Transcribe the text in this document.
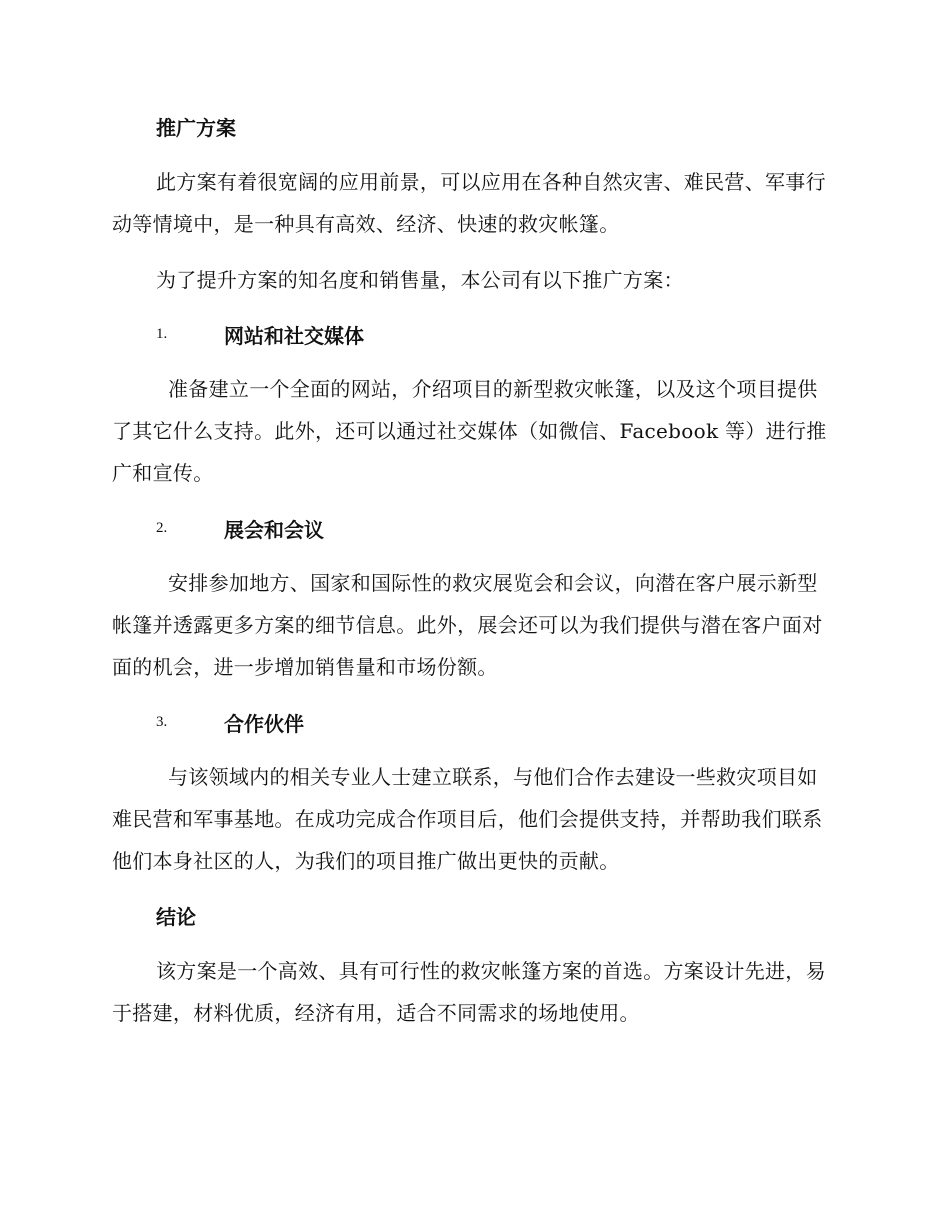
推广方案

此方案有着很宽阔的应用前景，可以应用在各种自然灾害、难民营、军事行动等情境中，是一种具有高效、经济、快速的救灾帐篷。

为了提升方案的知名度和销售量，本公司有以下推广方案：

1.	网站和社交媒体

准备建立一个全面的网站，介绍项目的新型救灾帐篷，以及这个项目提供了其它什么支持。此外，还可以通过社交媒体（如微信、Facebook 等）进行推广和宣传。

2.	展会和会议

安排参加地方、国家和国际性的救灾展览会和会议，向潜在客户展示新型帐篷并透露更多方案的细节信息。此外，展会还可以为我们提供与潜在客户面对面的机会，进一步增加销售量和市场份额。

3.	合作伙伴

与该领域内的相关专业人士建立联系，与他们合作去建设一些救灾项目如难民营和军事基地。在成功完成合作项目后，他们会提供支持，并帮助我们联系他们本身社区的人，为我们的项目推广做出更快的贡献。

结论

该方案是一个高效、具有可行性的救灾帐篷方案的首选。方案设计先进，易于搭建，材料优质，经济有用，适合不同需求的场地使用。
